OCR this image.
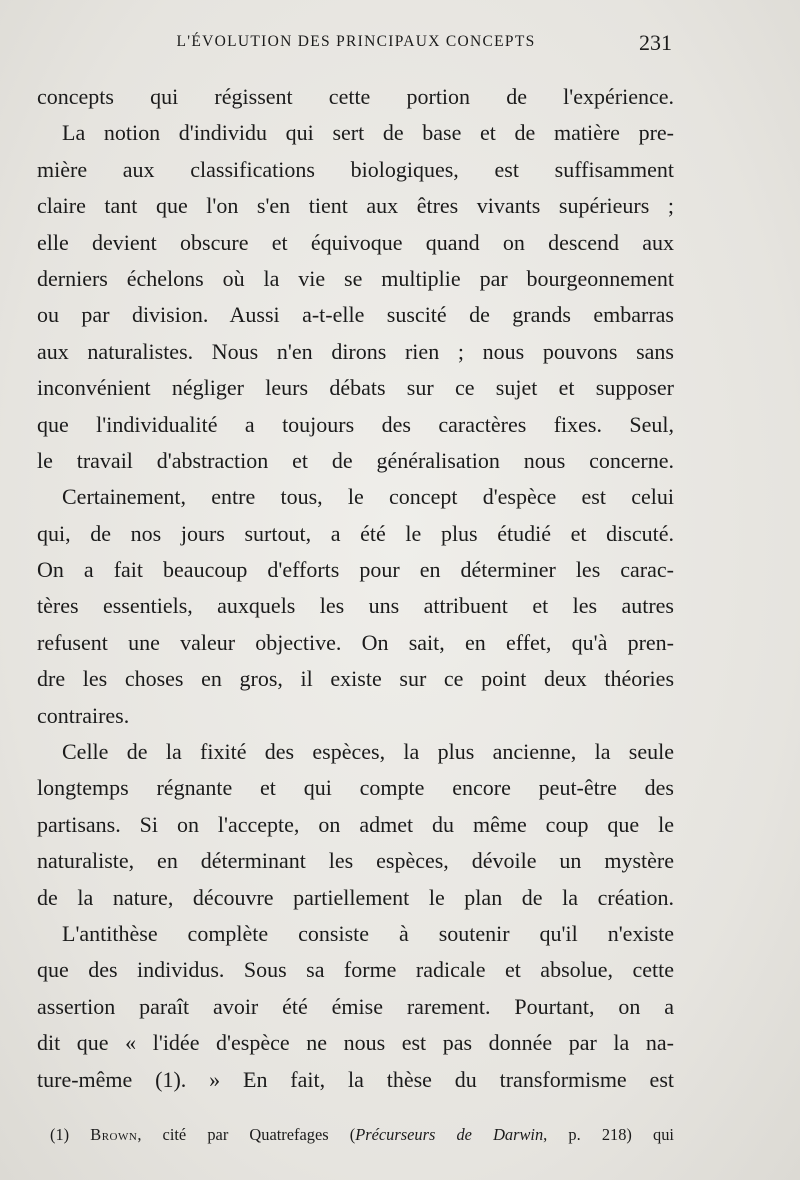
L'ÉVOLUTION DES PRINCIPAUX CONCEPTS	231
concepts qui régissent cette portion de l'expérience.
La notion d'individu qui sert de base et de matière pre-
mière aux classifications biologiques, est suffisamment
claire tant que l'on s'en tient aux êtres vivants supérieurs ;
elle devient obscure et équivoque quand on descend aux
derniers échelons où la vie se multiplie par bourgeonnement
ou par division. Aussi a-t-elle suscité de grands embarras
aux naturalistes. Nous n'en dirons rien ; nous pouvons sans
inconvénient négliger leurs débats sur ce sujet et supposer
que l'individualité a toujours des caractères fixes. Seul,
le travail d'abstraction et de généralisation nous concerne.
Certainement, entre tous, le concept d'espèce est celui
qui, de nos jours surtout, a été le plus étudié et discuté.
On a fait beaucoup d'efforts pour en déterminer les carac-
tères essentiels, auxquels les uns attribuent et les autres
refusent une valeur objective. On sait, en effet, qu'à pren-
dre les choses en gros, il existe sur ce point deux théories
contraires.
Celle de la fixité des espèces, la plus ancienne, la seule
longtemps régnante et qui compte encore peut-être des
partisans. Si on l'accepte, on admet du même coup que le
naturaliste, en déterminant les espèces, dévoile un mystère
de la nature, découvre partiellement le plan de la création.
L'antithèse complète consiste à soutenir qu'il n'existe
que des individus. Sous sa forme radicale et absolue, cette
assertion paraît avoir été émise rarement. Pourtant, on a
dit que « l'idée d'espèce ne nous est pas donnée par la na-
ture-même (1). » En fait, la thèse du transformisme est
(1) Brown, cité par Quatrefages (Précurseurs de Darwin, p. 218) qui
